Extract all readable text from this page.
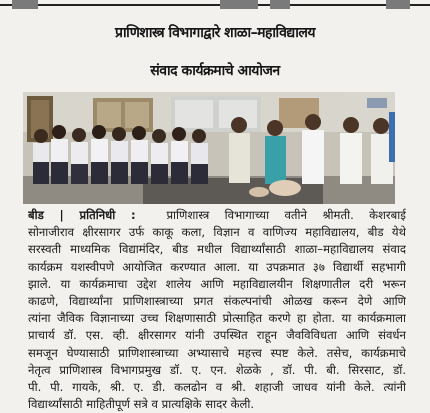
प्राणिशास्त्र विभागाद्वारे शाळा–महाविद्यालय
संवाद कार्यक्रमाचे आयोजन
बीड | प्रतिनिधी :	प्राणिशास्त्र विभागाच्या वतीने श्रीमती. केशरबाई
सोनाजीराव क्षीरसागर उर्फ काकू कला, विज्ञान व वाणिज्य महाविद्यालय, बीड येथे
सरस्वती माध्यमिक विद्यामंदिर, बीड मधील विद्यार्थ्यांसाठी शाळा–महाविद्यालय संवाद
कार्यक्रम यशस्वीपणे आयोजित करण्यात आला. या उपक्रमात ३७ विद्यार्थी सहभागी
झाले. या कार्यक्रमाचा उद्देश शालेय आणि महाविद्यालयीन शिक्षणातील दरी भरून
काढणे, विद्यार्थ्यांना प्राणिशास्त्राच्या प्रगत संकल्पनांची ओळख करून देणे आणि
त्यांना जैविक विज्ञानाच्या उच्च शिक्षणासाठी प्रोत्साहित करणे हा होता. या कार्यक्रमाला
प्राचार्य डॉ. एस. व्ही. क्षीरसागर यांनी उपस्थित राहून जैवविविधता आणि संवर्धन
समजून घेण्यासाठी प्राणिशास्त्राच्या अभ्यासाचे महत्त्व स्पष्ट केले. तसेच, कार्यक्रमाचे
नेतृत्व प्राणिशास्त्र विभागप्रमुख डॉ. ए. एन. शेळके , डॉ. पी. बी. सिरसाट, डॉ.
पी. पी. गायके, श्री. ए. डी. कलढोन व श्री. शहाजी जाधव यांनी केले. त्यांनी
विद्यार्थ्यांसाठी माहितीपूर्ण सत्रे व प्रात्यक्षिके सादर केली.
